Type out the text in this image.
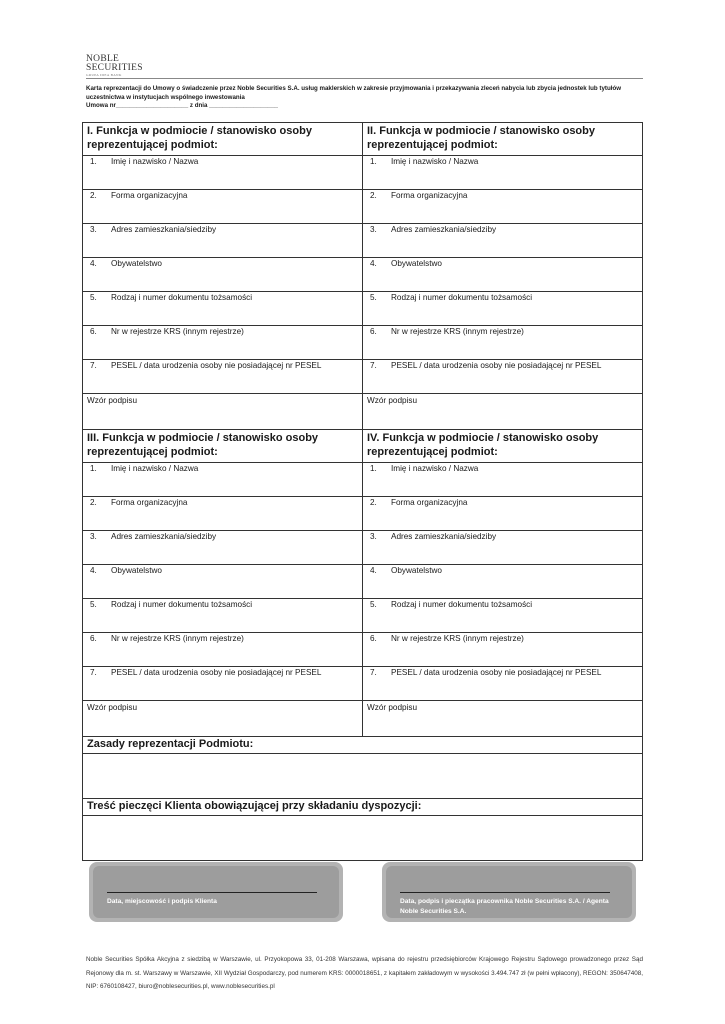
NOBLE
SECURITIES
GRUPA IDEA BANK
Karta reprezentacji do Umowy o świadczenie przez Noble Securities S.A. usług maklerskich w zakresie przyjmowania i przekazywania zleceń nabycia lub zbycia jednostek lub tytułów
uczestnictwa w instytucjach wspólnego inwestowania
Umowa nr_____________________ z dnia ____________________
I. Funkcja w podmiocie / stanowisko osoby reprezentującej podmiot:	II. Funkcja w podmiocie / stanowisko osoby reprezentującej podmiot:

1. Imię i nazwisko / Nazwa	1. Imię i nazwisko / Nazwa

2. Forma organizacyjna	2. Forma organizacyjna

3. Adres zamieszkania/siedziby	3. Adres zamieszkania/siedziby

4. Obywatelstwo	4. Obywatelstwo

5. Rodzaj i numer dokumentu tożsamości	5. Rodzaj i numer dokumentu tożsamości

6. Nr w rejestrze KRS (innym rejestrze)	6. Nr w rejestrze KRS (innym rejestrze)

7. PESEL / data urodzenia osoby nie posiadającej nr PESEL	7. PESEL / data urodzenia osoby nie posiadającej nr PESEL

Wzór podpisu	Wzór podpisu
III. Funkcja w podmiocie / stanowisko osoby reprezentującej podmiot:	IV. Funkcja w podmiocie / stanowisko osoby reprezentującej podmiot:

1. Imię i nazwisko / Nazwa	1. Imię i nazwisko / Nazwa

2. Forma organizacyjna	2. Forma organizacyjna

3. Adres zamieszkania/siedziby	3. Adres zamieszkania/siedziby

4. Obywatelstwo	4. Obywatelstwo

5. Rodzaj i numer dokumentu tożsamości	5. Rodzaj i numer dokumentu tożsamości

6. Nr w rejestrze KRS (innym rejestrze)	6. Nr w rejestrze KRS (innym rejestrze)

7. PESEL / data urodzenia osoby nie posiadającej nr PESEL	7. PESEL / data urodzenia osoby nie posiadającej nr PESEL

Wzór podpisu	Wzór podpisu
Zasady reprezentacji Podmiotu:	

Treść pieczęci Klienta obowiązującej przy składaniu dyspozycji:	

Data, miejscowość i podpis Klienta	Data, podpis i pieczątka pracownika Noble Securities S.A. / Agenta Noble Securities S.A.
Noble Securities Spółka Akcyjna z siedzibą w Warszawie, ul. Przyokopowa 33, 01-208 Warszawa, wpisana do rejestru przedsiębiorców Krajowego Rejestru Sądowego prowadzonego przez Sąd Rejonowy dla m. st. Warszawy w Warszawie, XII Wydział Gospodarczy, pod numerem KRS: 0000018651, z kapitałem zakładowym w wysokości 3.494.747 zł (w pełni wpłacony), REGON: 350647408, NIP: 6760108427, biuro@noblesecurities.pl, www.noblesecurities.pl
